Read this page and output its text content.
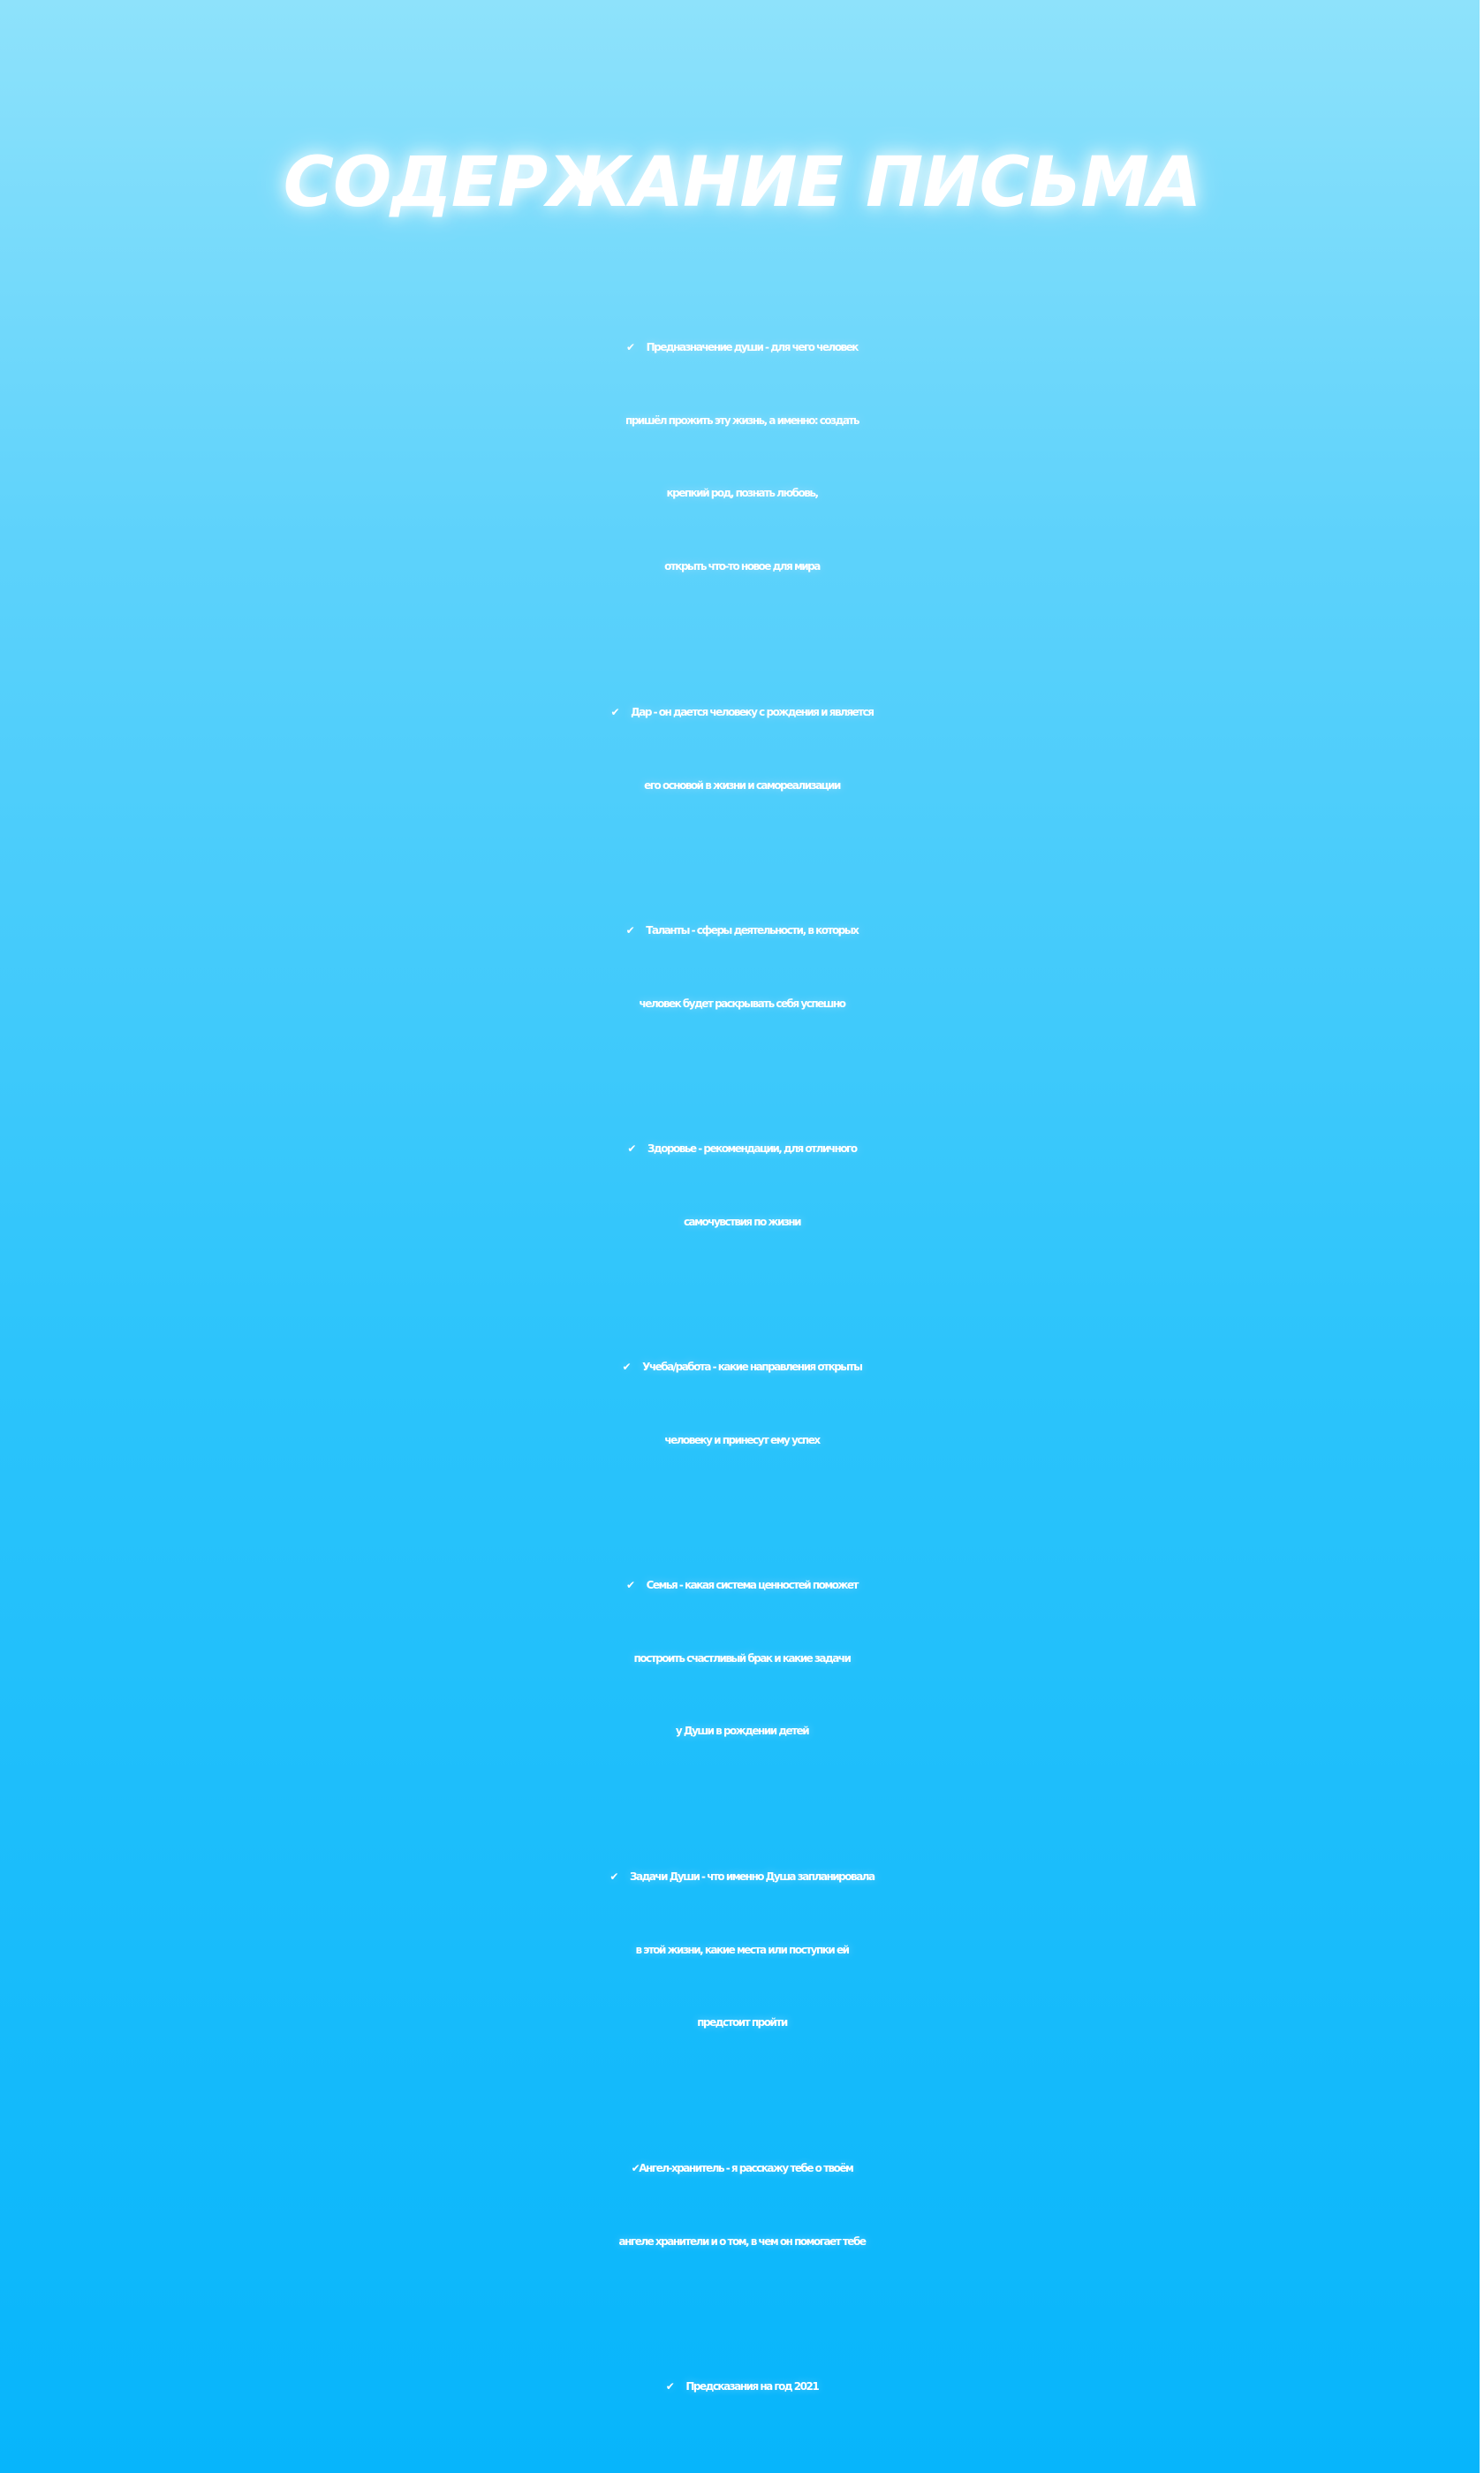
СОДЕРЖАНИЕ ПИСЬМА
✔ Предназначение души - для чего человек
пришёл прожить эту жизнь, а именно: создать
крепкий род, познать любовь,
открыть что-то новое для мира
✔ Дар - он дается человеку с рождения и является
его основой в жизни и самореализации
✔ Таланты - сферы деятельности, в которых
человек будет раскрывать себя успешно
✔ Здоровье - рекомендации, для отличного
самочувствия по жизни
✔ Учеба/работа - какие направления открыты
человеку и принесут ему успех
✔ Семья - какая система ценностей поможет
построить счастливый брак и какие задачи
у Души в рождении детей
✔ Задачи Души - что именно Душа запланировала
в этой жизни, какие места или поступки ей
предстоит пройти
✔Ангел-хранитель - я расскажу тебе о твоём
ангеле хранители и о том, в чем он помогает тебе
✔ Предсказания на год 2021
